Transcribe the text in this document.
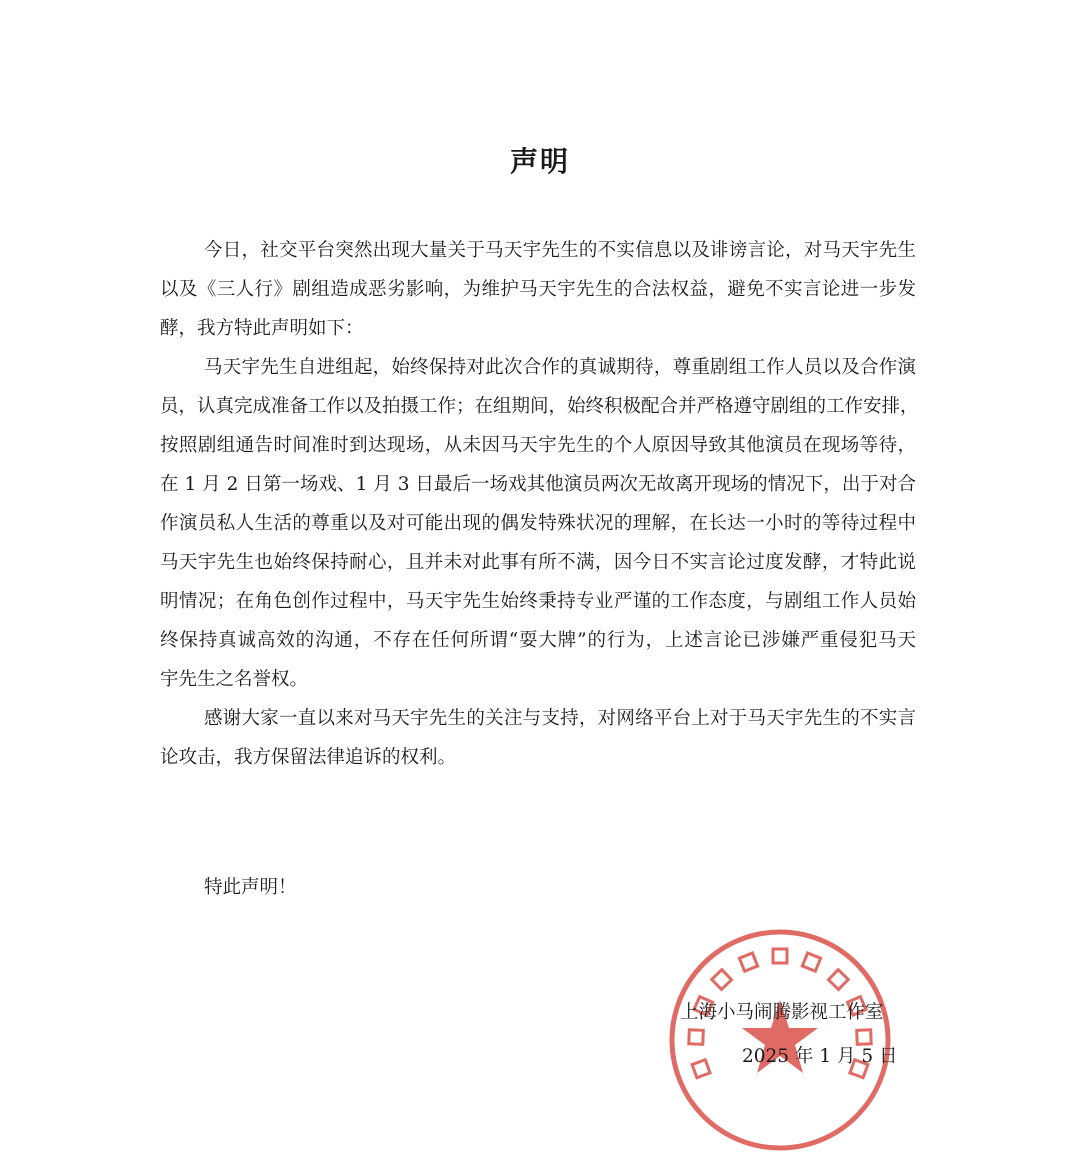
声明
今日，社交平台突然出现大量关于马天宇先生的不实信息以及诽谤言论，对马天宇先生
以及《三人行》剧组造成恶劣影响，为维护马天宇先生的合法权益，避免不实言论进一步发
酵，我方特此声明如下：
马天宇先生自进组起，始终保持对此次合作的真诚期待，尊重剧组工作人员以及合作演
员，认真完成准备工作以及拍摄工作；在组期间，始终积极配合并严格遵守剧组的工作安排，
按照剧组通告时间准时到达现场，从未因马天宇先生的个人原因导致其他演员在现场等待，
在 1 月 2 日第一场戏、1 月 3 日最后一场戏其他演员两次无故离开现场的情况下，出于对合
作演员私人生活的尊重以及对可能出现的偶发特殊状况的理解，在长达一小时的等待过程中
马天宇先生也始终保持耐心，且并未对此事有所不满，因今日不实言论过度发酵，才特此说
明情况；在角色创作过程中，马天宇先生始终秉持专业严谨的工作态度，与剧组工作人员始
终保持真诚高效的沟通，不存在任何所谓“耍大牌”的行为，上述言论已涉嫌严重侵犯马天
宇先生之名誉权。
感谢大家一直以来对马天宇先生的关注与支持，对网络平台上对于马天宇先生的不实言
论攻击，我方保留法律追诉的权利。
特此声明！
上海小马闹腾影视工作室
2025 年 1 月 5 日
